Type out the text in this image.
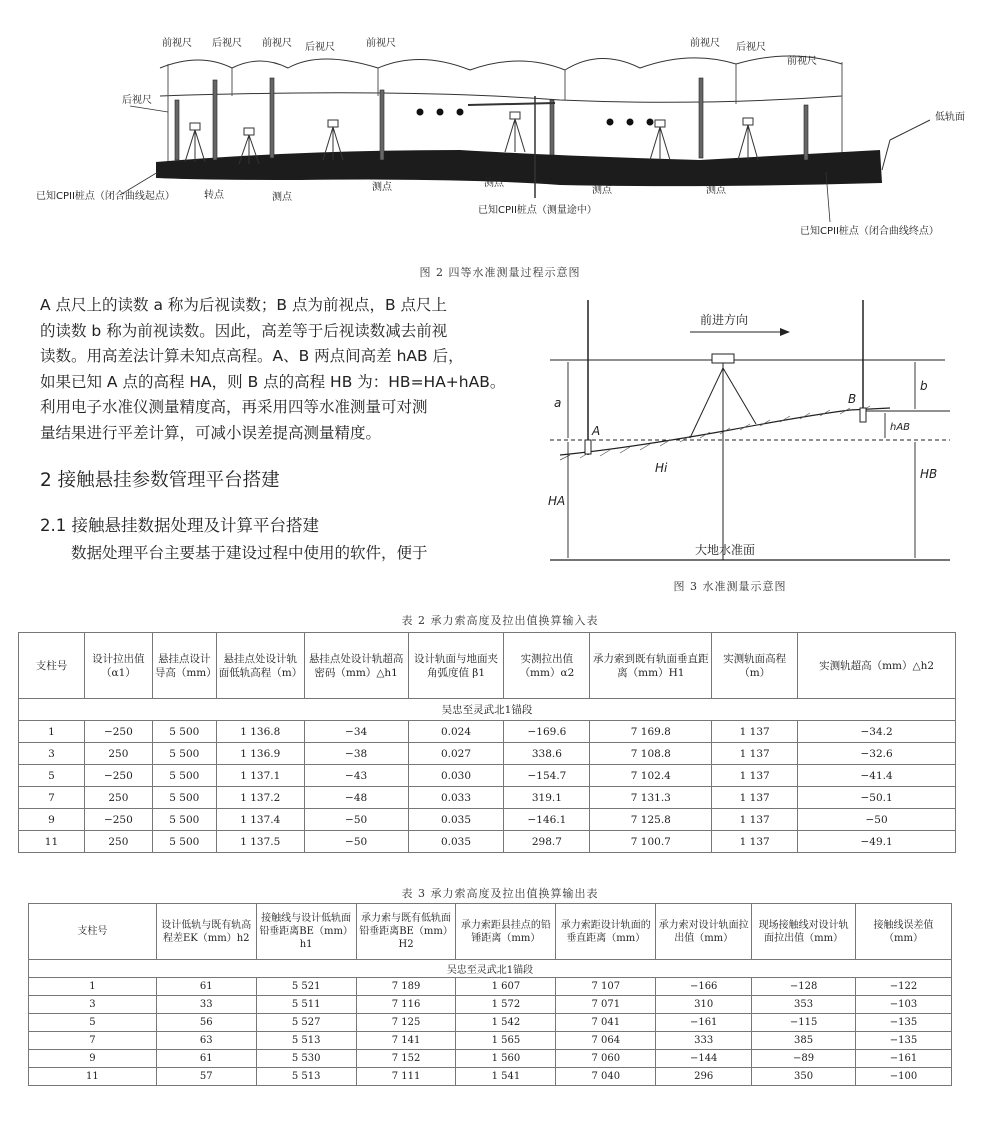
前视尺 后视尺 前视尺 后视尺	前视尺
后视尺
前视尺 后视尺
前视尺
低轨面
转点	测点
测点	测点
测点	测点
已知CPII桩点（闭合曲线起点）
已知CPII桩点（测量途中）
已知CPII桩点（闭合曲线终点）
图 2 四等水准测量过程示意图

A 点尺上的读数 a 称为后视读数；B 点为前视点，B 点尺上

的读数 b 称为前视读数。因此，高差等于后视读数减去前视

读数。用高差法计算未知点高程。A、B 两点间高差 hAB 后，

如果已知 A 点的高程 HA，则 B 点的高程 HB 为：HB=HA+hAB。

利用电子水准仪测量精度高，再采用四等水准测量可对测

量结果进行平差计算，可减小误差提高测量精度。

2 接触悬挂参数管理平台搭建
2.1 接触悬挂数据处理及计算平台搭建
数据处理平台主要基于建设过程中使用的软件，便于
前进方向
a
b
A
B
hAB
Hi
HA
HB
大地水准面
图 3 水准测量示意图
表 2 承力索高度及拉出值换算输入表
支柱号	设计拉出值（α1）	悬挂点设计导高（mm）	悬挂点处设计轨面低轨高程（m）	悬挂点处设计轨超高密码（mm）△h1	设计轨面与地面夹角弧度值 β1	实测拉出值（mm）α2	承力索到既有轨面垂直距离（mm）H1	实测轨面高程（m）	实测轨超高（mm）△h2
吴忠至灵武北1锚段									
1	−250	5 500	1 136.8	−34	0.024	−169.6	7 169.8	1 137	−34.2
3	250	5 500	1 136.9	−38	0.027	338.6	7 108.8	1 137	−32.6
5	−250	5 500	1 137.1	−43	0.030	−154.7	7 102.4	1 137	−41.4
7	250	5 500	1 137.2	−48	0.033	319.1	7 131.3	1 137	−50.1
9	−250	5 500	1 137.4	−50	0.035	−146.1	7 125.8	1 137	−50
11	250	5 500	1 137.5	−50	0.035	298.7	7 100.7	1 137	−49.1
表 3 承力索高度及拉出值换算输出表
支柱号	设计低轨与既有轨高程差EK（mm）h2	接触线与设计低轨面铅垂距离BE（mm）h1	承力索与既有低轨面铅垂距离BE（mm）H2	承力索距县挂点的铅锤距离（mm）	承力索距设计轨面的垂直距离（mm）	承力索对设计轨面拉出值（mm）	现场接触线对设计轨面拉出值（mm）	接触线误差值（mm）
吴忠至灵武北1锚段								
1	61	5 521	7 189	1 607	7 107	−166	−128	−122
3	33	5 511	7 116	1 572	7 071	310	353	−103
5	56	5 527	7 125	1 542	7 041	−161	−115	−135
7	63	5 513	7 141	1 565	7 064	333	385	−135
9	61	5 530	7 152	1 560	7 060	−144	−89	−161
11	57	5 513	7 111	1 541	7 040	296	350	−100
